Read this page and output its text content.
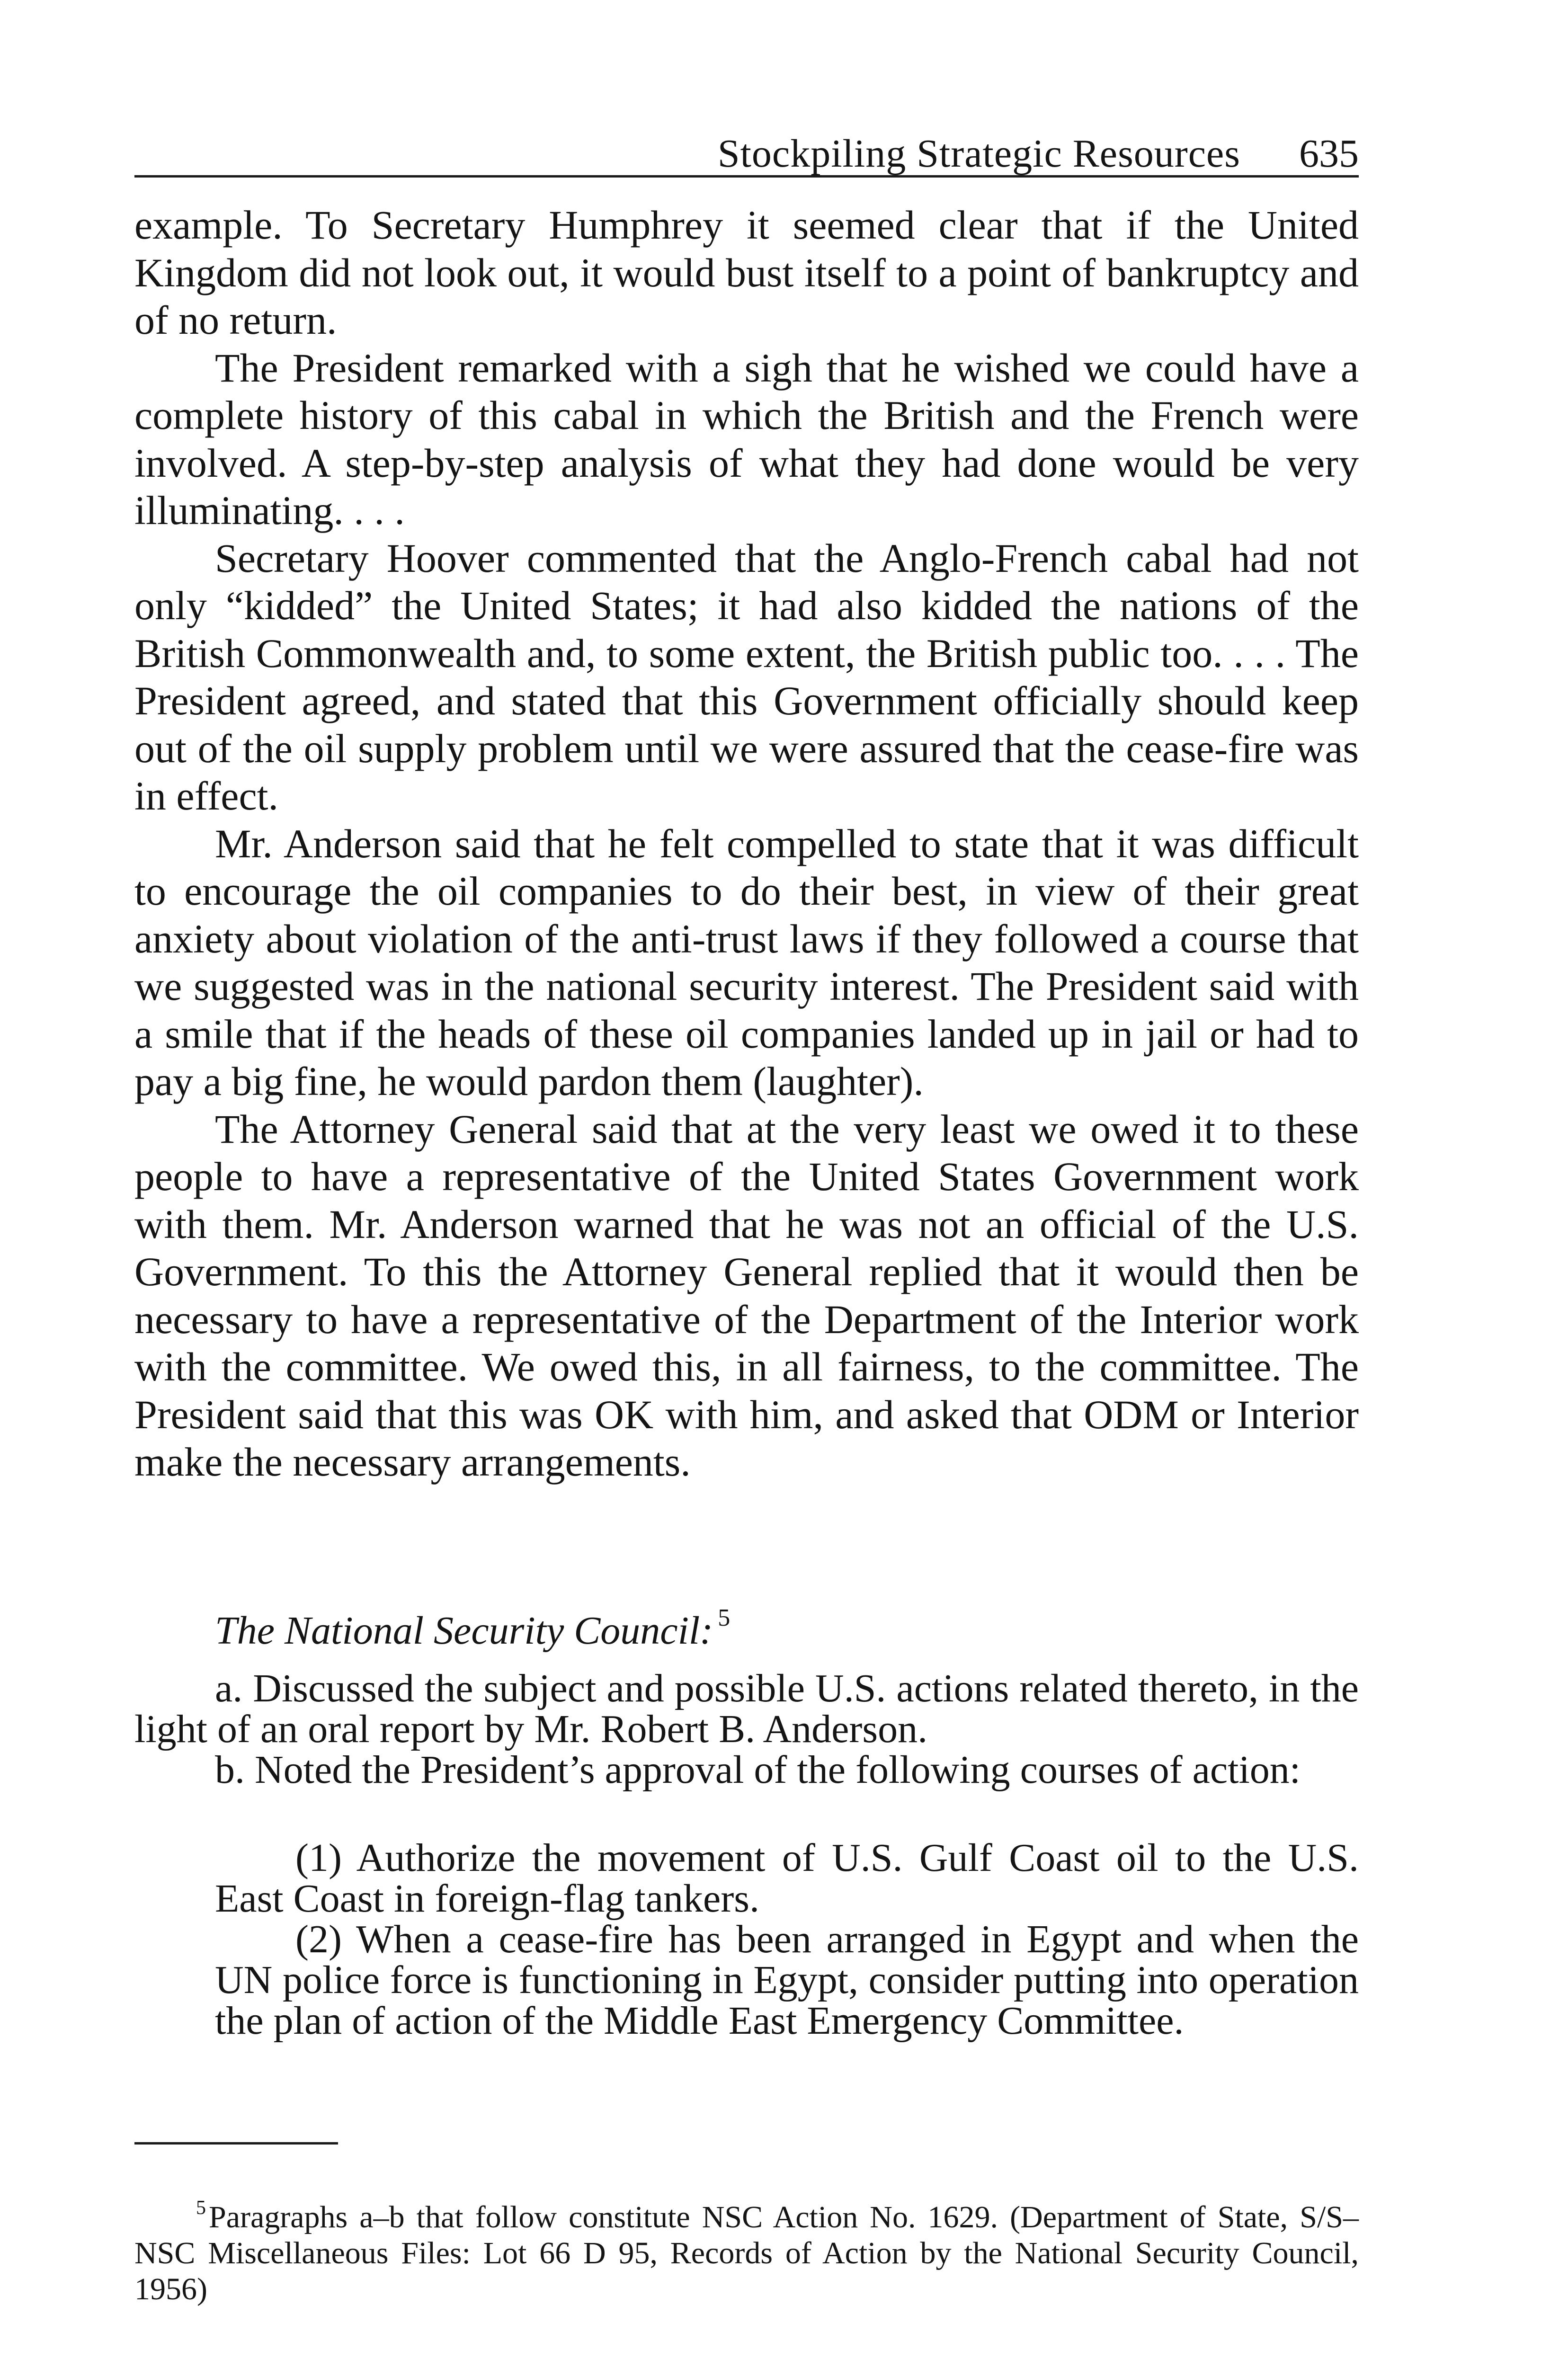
Stockpiling Strategic Resources 635

example. To Secretary Humphrey it seemed clear that if the United Kingdom did not look out, it would bust itself to a point of bankruptcy and of no return.

The President remarked with a sigh that he wished we could have a complete history of this cabal in which the British and the French were involved. A step-by-step analysis of what they had done would be very illuminating. . . .

Secretary Hoover commented that the Anglo-French cabal had not only “kidded” the United States; it had also kidded the nations of the British Commonwealth and, to some extent, the British public too. . . . The President agreed, and stated that this Government officially should keep out of the oil supply problem until we were assured that the cease-fire was in effect.

Mr. Anderson said that he felt compelled to state that it was difficult to encourage the oil companies to do their best, in view of their great anxiety about violation of the anti-trust laws if they followed a course that we suggested was in the national security interest. The President said with a smile that if the heads of these oil companies landed up in jail or had to pay a big fine, he would pardon them (laughter).

The Attorney General said that at the very least we owed it to these people to have a representative of the United States Government work with them. Mr. Anderson warned that he was not an official of the U.S. Government. To this the Attorney General replied that it would then be necessary to have a representative of the Department of the Interior work with the committee. We owed this, in all fairness, to the committee. The President said that this was OK with him, and asked that ODM or Interior make the necessary arrangements.

The National Security Council: $^5$

a. Discussed the subject and possible U.S. actions related thereto, in the light of an oral report by Mr. Robert B. Anderson.

b. Noted the President’s approval of the following courses of action:

(1) Authorize the movement of U.S. Gulf Coast oil to the U.S. East Coast in foreign-flag tankers.

(2) When a cease-fire has been arranged in Egypt and when the UN police force is functioning in Egypt, consider putting into operation the plan of action of the Middle East Emergency Committee.

$^5$Paragraphs a–b that follow constitute NSC Action No. 1629. (Department of State, S/S–NSC Miscellaneous Files: Lot 66 D 95, Records of Action by the National Security Council, 1956)
